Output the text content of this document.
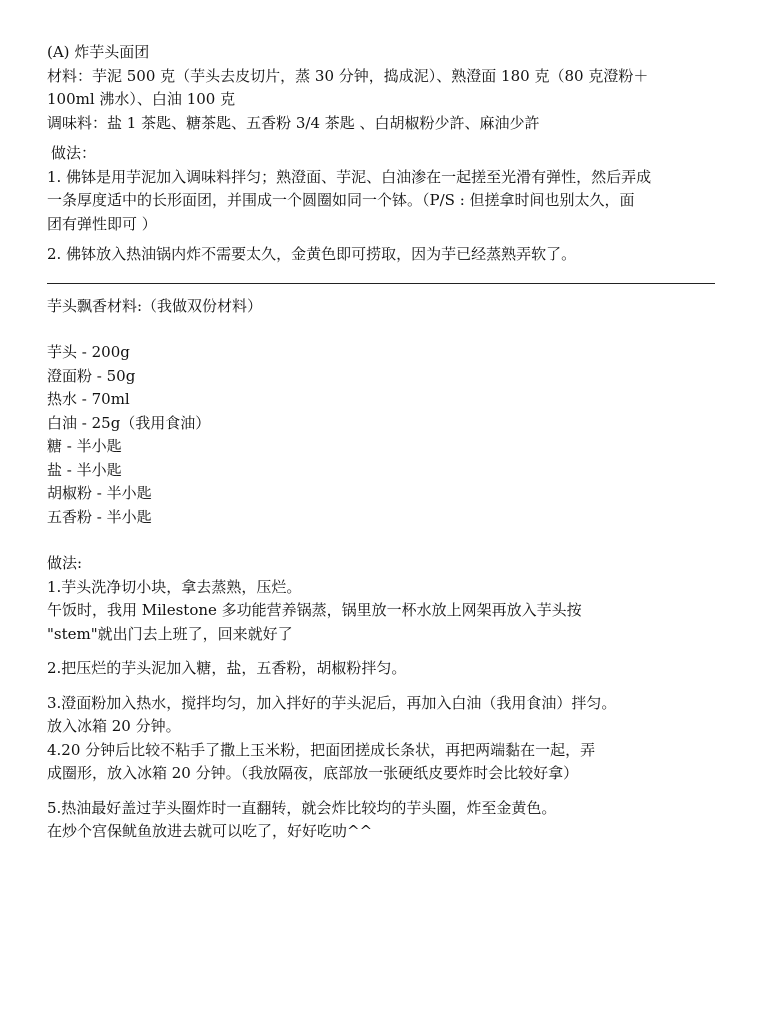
(A) 炸芋头面团
材料：芋泥 500 克（芋头去皮切片，蒸 30 分钟，捣成泥）、熟澄面 180 克（80 克澄粉＋
100ml 沸水）、白油 100 克
调味料：盐 1 茶匙、糖茶匙、五香粉 3/4 茶匙 、白胡椒粉少許、麻油少許
做法：
1. 佛钵是用芋泥加入调味料拌匀；熟澄面、芋泥、白油渗在一起搓至光滑有弹性，然后弄成
一条厚度适中的长形面团，并围成一个圆圈如同一个钵。（P/S : 但搓拿时间也别太久，面
团有弹性即可 ）
2. 佛钵放入热油锅内炸不需要太久，金黄色即可捞取，因为芋已经蒸熟弄软了。
芋头飘香材料:（我做双份材料）
芋头 - 200g
澄面粉 - 50g
热水 - 70ml
白油 - 25g（我用食油）
糖 - 半小匙
盐 - 半小匙
胡椒粉 - 半小匙
五香粉 - 半小匙
做法:
1.芋头洗净切小块，拿去蒸熟，压烂。
午饭时，我用 Milestone 多功能营养锅蒸，锅里放一杯水放上网架再放入芋头按
"stem"就出门去上班了，回来就好了
2.把压烂的芋头泥加入糖，盐，五香粉，胡椒粉拌匀。
3.澄面粉加入热水，搅拌均匀，加入拌好的芋头泥后，再加入白油（我用食油）拌匀。
放入冰箱 20 分钟。
4.20 分钟后比较不粘手了撒上玉米粉，把面团搓成长条状，再把两端黏在一起，弄
成圈形，放入冰箱 20 分钟。（我放隔夜，底部放一张硬纸皮要炸时会比较好拿）
5.热油最好盖过芋头圈炸时一直翻转，就会炸比较均的芋头圈，炸至金黄色。
在炒个宫保鱿鱼放进去就可以吃了，好好吃叻^^
